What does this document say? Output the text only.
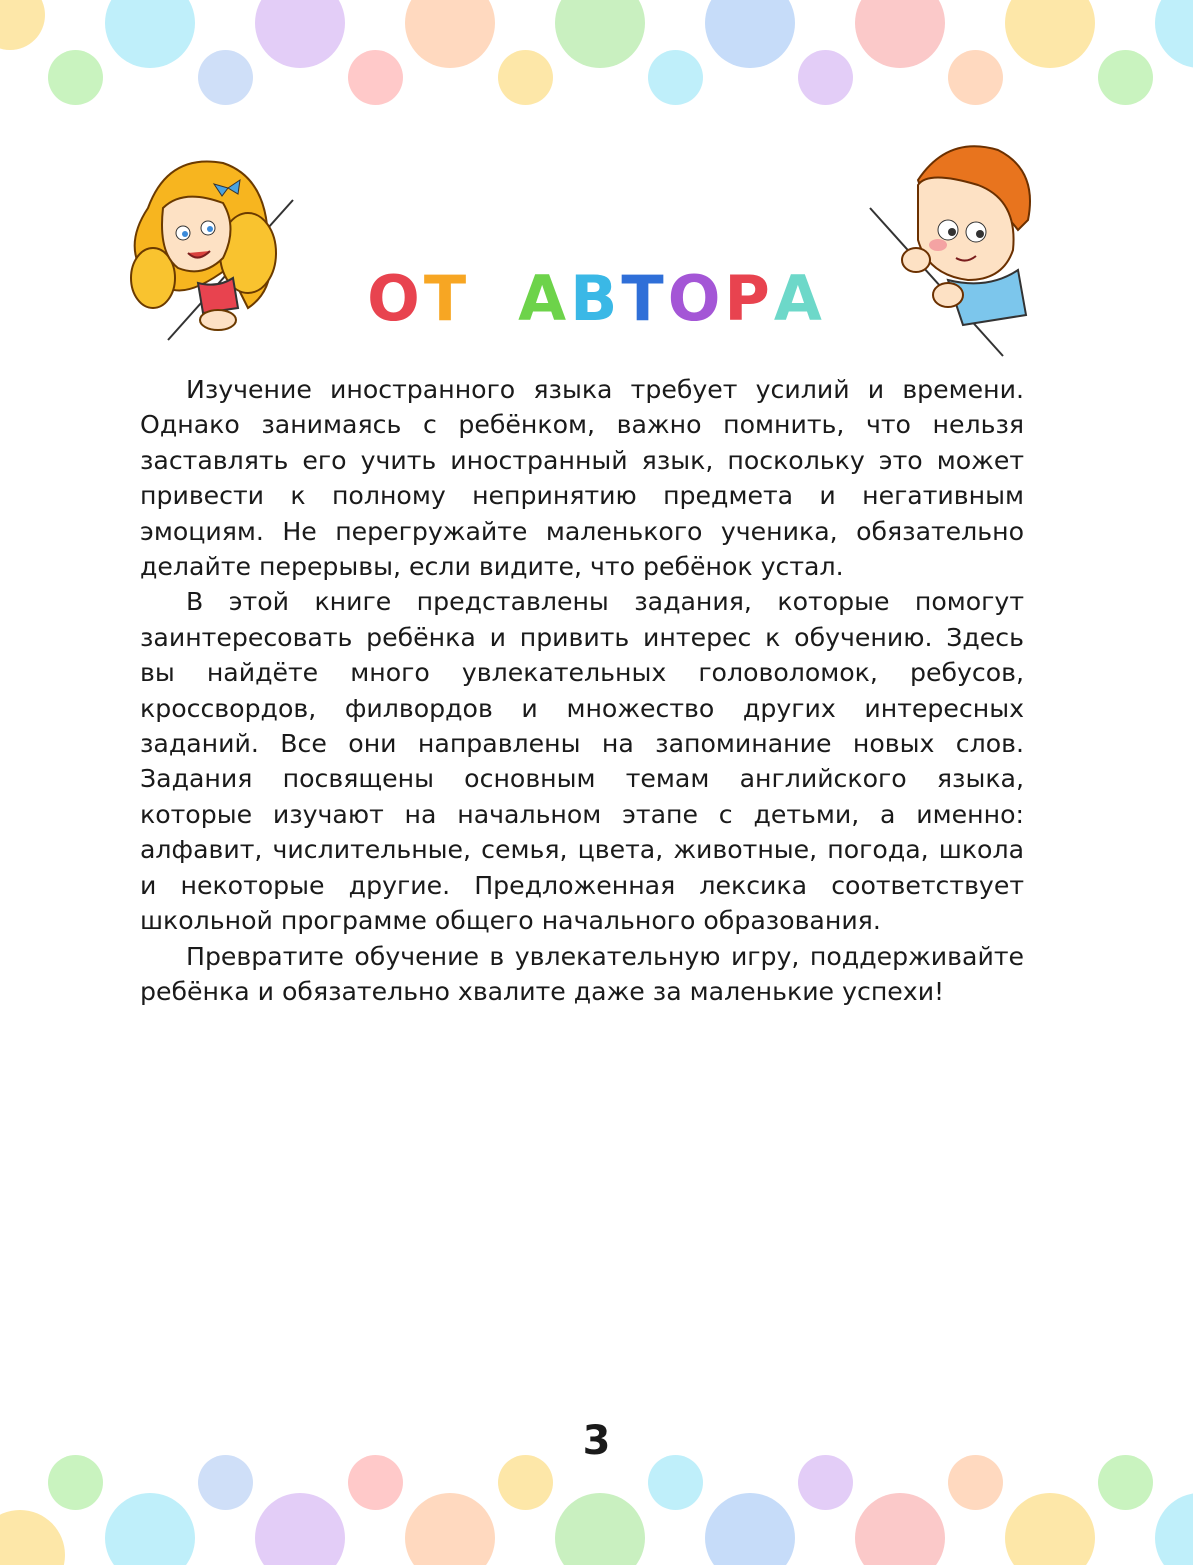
ОТ АВТОРА

Изучение иностранного языка требует усилий и времени. Однако занимаясь с ребёнком, важно помнить, что нельзя заставлять его учить иностранный язык, поскольку это может привести к полному непринятию предмета и негативным эмоциям. Не перегружайте маленького ученика, обязательно делайте перерывы, если видите, что ребёнок устал.

В этой книге представлены задания, которые помогут заинтересовать ребёнка и привить интерес к обучению. Здесь вы найдёте много увлекательных головоломок, ребусов, кроссвордов, филвордов и множество других интересных заданий. Все они направлены на запоминание новых слов. Задания посвящены основным темам английского языка, которые изучают на начальном этапе с детьми, а именно: алфавит, числительные, семья, цвета, животные, погода, школа и некоторые другие. Предложенная лексика соответствует школьной программе общего начального образования.

Превратите обучение в увлекательную игру, поддерживайте ребёнка и обязательно хвалите даже за маленькие успехи!

3
